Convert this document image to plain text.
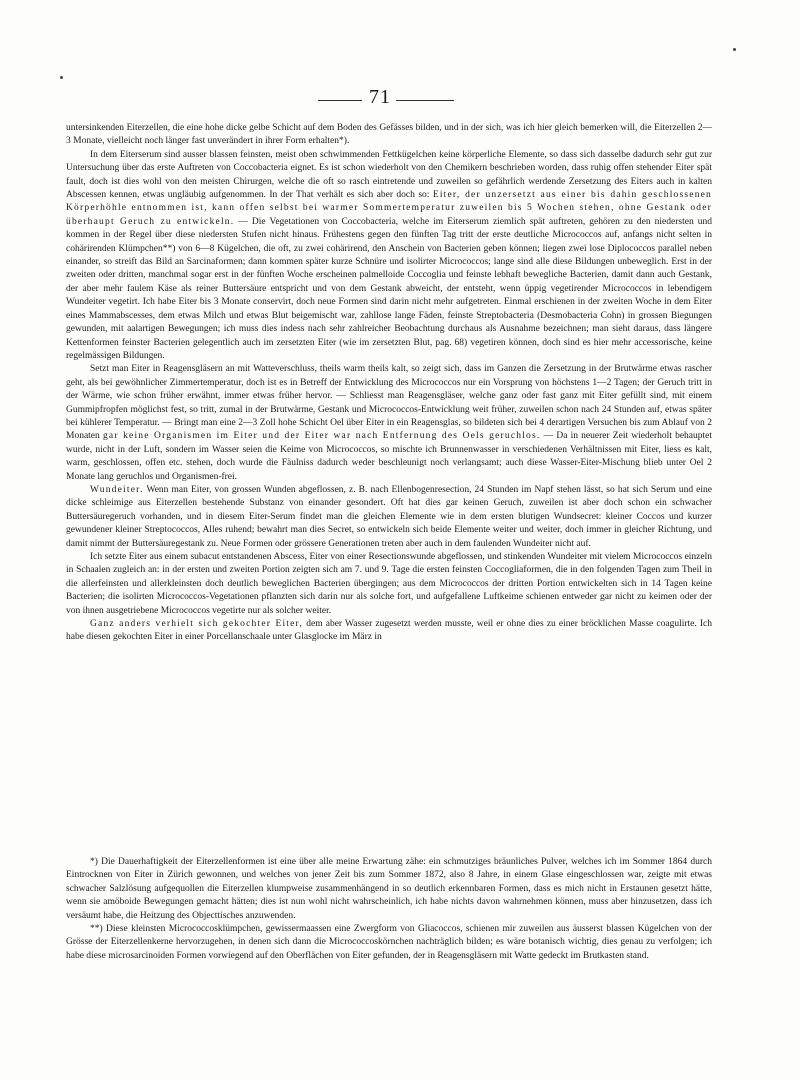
71

untersinkenden Eiterzellen, die eine hohe dicke gelbe Schicht auf dem Boden des Gefässes bilden, und in der sich, was ich hier gleich bemerken will, die Eiterzellen 2—3 Monate, vielleicht noch länger fast unverändert in ihrer Form erhalten*).

In dem Eiterserum sind ausser blassen feinsten, meist oben schwimmenden Fettkügelchen keine körperliche Elemente, so dass sich dasselbe dadurch sehr gut zur Untersuchung über das erste Auftreten von Coccobacteria eignet. Es ist schon wiederholt von den Chemikern beschrieben worden, dass ruhig offen stehender Eiter spät fault, doch ist dies wohl von den meisten Chirurgen, welche die oft so rasch eintretende und zuweilen so gefährlich werdende Zersetzung des Eiters auch in kalten Abscessen kennen, etwas ungläubig aufgenommen. In der That verhält es sich aber doch so: Eiter, der unzersetzt aus einer bis dahin geschlossenen Körperhöhle entnommen ist, kann offen selbst bei warmer Sommertemperatur zuweilen bis 5 Wochen stehen, ohne Gestank oder überhaupt Geruch zu entwickeln. — Die Vegetationen von Coccobacteria, welche im Eiterserum ziemlich spät auftreten, gehören zu den niedersten und kommen in der Regel über diese niedersten Stufen nicht hinaus. Frühestens gegen den fünften Tag tritt der erste deutliche Micrococcos auf, anfangs nicht selten in cohärirenden Klümpchen**) von 6—8 Kügelchen, die oft, zu zwei cohärirend, den Anschein von Bacterien geben können; liegen zwei lose Diplococcos parallel neben einander, so streift das Bild an Sarcinaformen; dann kommen später kurze Schnüre und isolirter Micrococcos; lange sind alle diese Bildungen unbeweglich. Erst in der zweiten oder dritten, manchmal sogar erst in der fünften Woche erscheinen palmelloide Coccoglia und feinste lebhaft bewegliche Bacterien, damit dann auch Gestank, der aber mehr faulem Käse als reiner Buttersäure entspricht und von dem Gestank abweicht, der entsteht, wenn üppig vegetirender Micrococcos in lebendigem Wundeiter vegetirt. Ich habe Eiter bis 3 Monate conservirt, doch neue Formen sind darin nicht mehr aufgetreten. Einmal erschienen in der zweiten Woche in dem Eiter eines Mammabscesses, dem etwas Milch und etwas Blut beigemischt war, zahllose lange Fäden, feinste Streptobacteria (Desmobacteria Cohn) in grossen Biegungen gewunden, mit aalartigen Bewegungen; ich muss dies indess nach sehr zahlreicher Beobachtung durchaus als Ausnahme bezeichnen; man sieht daraus, dass längere Kettenformen feinster Bacterien gelegentlich auch im zersetzten Eiter (wie im zersetzten Blut, pag. 68) vegetiren können, doch sind es hier mehr accessorische, keine regelmässigen Bildungen.

Setzt man Eiter in Reagensgläsern an mit Watteverschluss, theils warm theils kalt, so zeigt sich, dass im Ganzen die Zersetzung in der Brutwärme etwas rascher geht, als bei gewöhnlicher Zimmertemperatur, doch ist es in Betreff der Entwicklung des Micrococcos nur ein Vorsprung von höchstens 1—2 Tagen; der Geruch tritt in der Wärme, wie schon früher erwähnt, immer etwas früher hervor. — Schliesst man Reagensgläser, welche ganz oder fast ganz mit Eiter gefüllt sind, mit einem Gummipfropfen möglichst fest, so tritt, zumal in der Brutwärme, Gestank und Micrococcos-Entwicklung weit früher, zuweilen schon nach 24 Stunden auf, etwas später bei kühlerer Temperatur. — Bringt man eine 2—3 Zoll hohe Schicht Oel über Eiter in ein Reagensglas, so bildeten sich bei 4 derartigen Versuchen bis zum Ablauf von 2 Monaten gar keine Organismen im Eiter und der Eiter war nach Entfernung des Oels geruchlos. — Da in neuerer Zeit wiederholt behauptet wurde, nicht in der Luft, sondern im Wasser seien die Keime von Micrococcos, so mischte ich Brunnenwasser in verschiedenen Verhältnissen mit Eiter, liess es kalt, warm, geschlossen, offen etc. stehen, doch wurde die Fäulniss dadurch weder beschleunigt noch verlangsamt; auch diese Wasser-Eiter-Mischung blieb unter Oel 2 Monate lang geruchlos und Organismen-frei.

Wundeiter. Wenn man Eiter, von grossen Wunden abgeflossen, z. B. nach Ellenbogenresection, 24 Stunden im Napf stehen lässt, so hat sich Serum und eine dicke schleimige aus Eiterzellen bestehende Substanz von einander gesondert. Oft hat dies gar keinen Geruch, zuweilen ist aber doch schon ein schwacher Buttersäuregeruch vorhanden, und in diesem Eiter-Serum findet man die gleichen Elemente wie in dem ersten blutigen Wundsecret: kleiner Coccos und kurzer gewundener kleiner Streptococcos, Alles ruhend; bewahrt man dies Secret, so entwickeln sich beide Elemente weiter und weiter, doch immer in gleicher Richtung, und damit nimmt der Buttersäuregestank zu. Neue Formen oder grössere Generationen treten aber auch in dem faulenden Wundeiter nicht auf.

Ich setzte Eiter aus einem subacut entstandenen Abscess, Eiter von einer Resectionswunde abgeflossen, und stinkenden Wundeiter mit vielem Micrococcos einzeln in Schaalen zugleich an: in der ersten und zweiten Portion zeigten sich am 7. und 9. Tage die ersten feinsten Coccogliaformen, die in den folgenden Tagen zum Theil in die allerfeinsten und allerkleinsten doch deutlich beweglichen Bacterien übergingen; aus dem Micrococcos der dritten Portion entwickelten sich in 14 Tagen keine Bacterien; die isolirten Micrococcos-Vegetationen pflanzten sich darin nur als solche fort, und aufgefallene Luftkeime schienen entweder gar nicht zu keimen oder der von ihnen ausgetriebene Micrococcos vegetirte nur als solcher weiter.

Ganz anders verhielt sich gekochter Eiter, dem aber Wasser zugesetzt werden musste, weil er ohne dies zu einer bröcklichen Masse coagulirte. Ich habe diesen gekochten Eiter in einer Porcellanschaale unter Glasglocke im März in

*) Die Dauerhaftigkeit der Eiterzellenformen ist eine über alle meine Erwartung zähe: ein schmutziges bräunliches Pulver, welches ich im Sommer 1864 durch Eintrocknen von Eiter in Zürich gewonnen, und welches von jener Zeit bis zum Sommer 1872, also 8 Jahre, in einem Glase eingeschlossen war, zeigte mit etwas schwacher Salzlösung aufgequollen die Eiterzellen klumpweise zusammenhängend in so deutlich erkennbaren Formen, dass es mich nicht in Erstaunen gesetzt hätte, wenn sie amöboide Bewegungen gemacht hätten; dies ist nun wohl nicht wahrscheinlich, ich habe nichts davon wahrnehmen können, muss aber hinzusetzen, dass ich versäumt habe, die Heitzung des Objecttisches anzuwenden.

**) Diese kleinsten Micrococcosklümpchen, gewissermaassen eine Zwergform von Gliacoccos, schienen mir zuweilen aus äusserst blassen Kügelchen von der Grösse der Eiterzellenkerne hervorzugehen, in denen sich dann die Micrococcoskörnchen nachträglich bilden; es wäre botanisch wichtig, dies genau zu verfolgen; ich habe diese microsarcinoiden Formen vorwiegend auf den Oberflächen von Eiter gefunden, der in Reagensgläsern mit Watte gedeckt im Brutkasten stand.
